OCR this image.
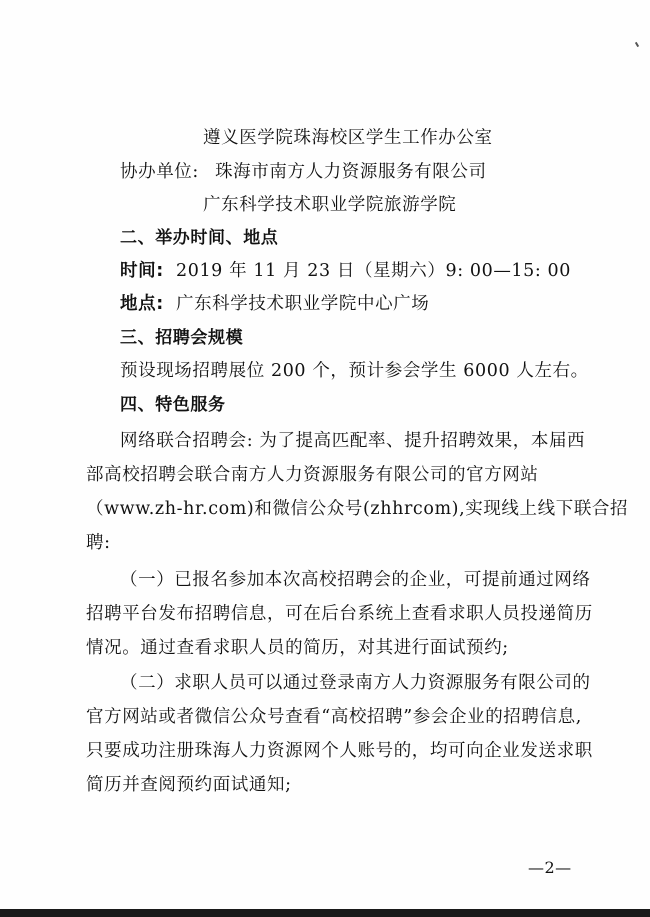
遵义医学院珠海校区学生工作办公室
协办单位: 珠海市南方人力资源服务有限公司
广东科学技术职业学院旅游学院
二、举办时间、地点
时间: 2019 年 11 月 23 日（星期六）9: 00—15: 00
地点: 广东科学技术职业学院中心广场
三、招聘会规模
预设现场招聘展位 200 个，预计参会学生 6000 人左右。
四、特色服务
网络联合招聘会: 为了提高匹配率、提升招聘效果，本届西
部高校招聘会联合南方人力资源服务有限公司的官方网站
（www.zh-hr.com)和微信公众号(zhhrcom),实现线上线下联合招
聘:
（一）已报名参加本次高校招聘会的企业，可提前通过网络
招聘平台发布招聘信息，可在后台系统上查看求职人员投递简历
情况。通过查看求职人员的简历，对其进行面试预约;
（二）求职人员可以通过登录南方人力资源服务有限公司的
官方网站或者微信公众号查看“高校招聘”参会企业的招聘信息,
只要成功注册珠海人力资源网个人账号的，均可向企业发送求职
简历并查阅预约面试通知;
—2—
